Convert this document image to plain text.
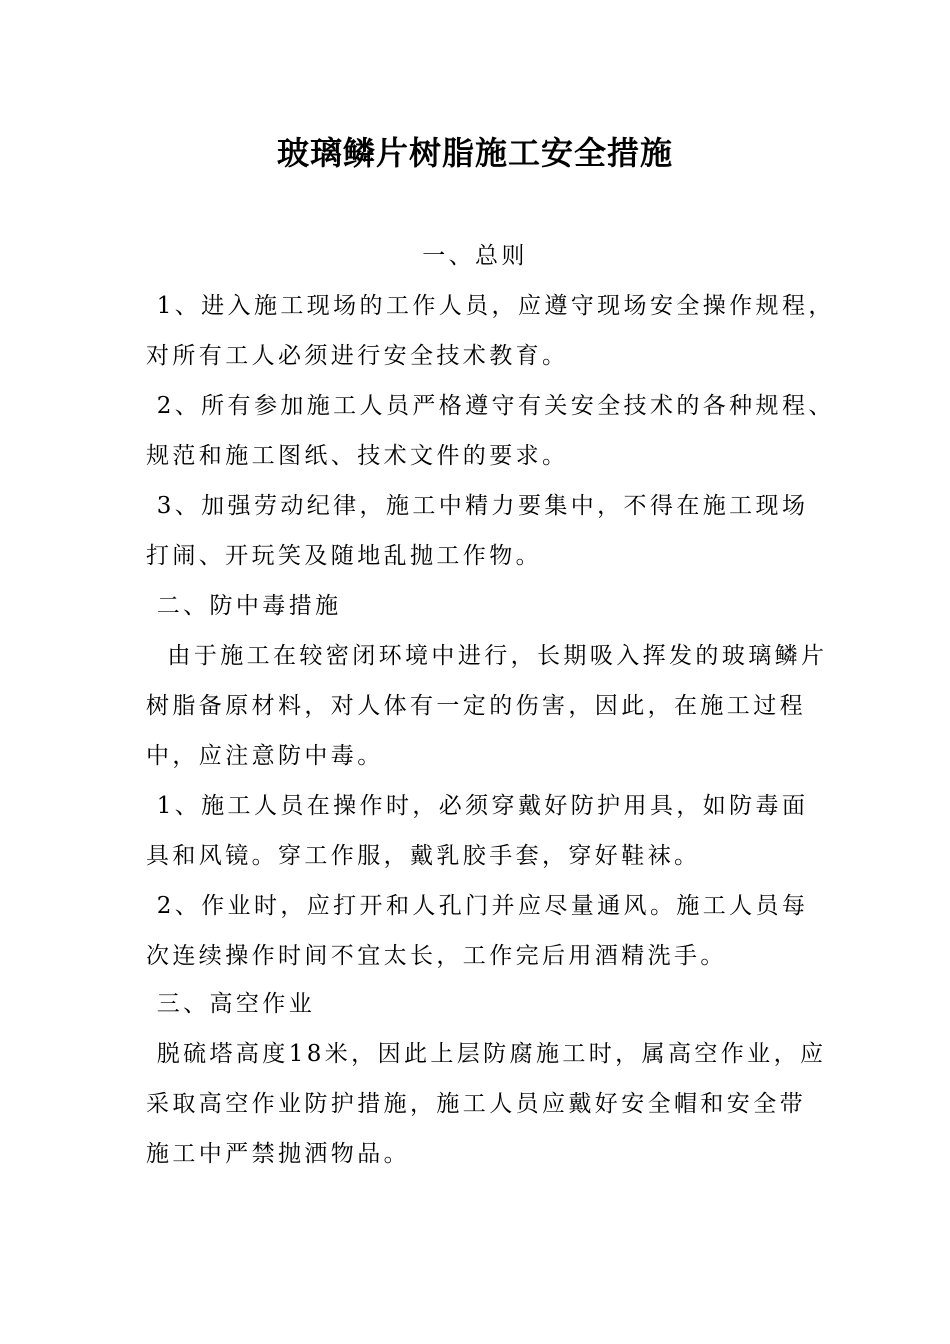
玻璃鳞片树脂施工安全措施
一、总则
1、进入施工现场的工作人员，应遵守现场安全操作规程，
对所有工人必须进行安全技术教育。
2、所有参加施工人员严格遵守有关安全技术的各种规程、
规范和施工图纸、技术文件的要求。
3、加强劳动纪律，施工中精力要集中，不得在施工现场
打闹、开玩笑及随地乱抛工作物。
二、防中毒措施
由于施工在较密闭环境中进行，长期吸入挥发的玻璃鳞片
树脂备原材料，对人体有一定的伤害，因此，在施工过程
中，应注意防中毒。
1、施工人员在操作时，必须穿戴好防护用具，如防毒面
具和风镜。穿工作服，戴乳胶手套，穿好鞋袜。
2、作业时，应打开和人孔门并应尽量通风。施工人员每
次连续操作时间不宜太长，工作完后用酒精洗手。
三、高空作业
脱硫塔高度18米，因此上层防腐施工时，属高空作业，应
采取高空作业防护措施，施工人员应戴好安全帽和安全带
施工中严禁抛洒物品。
